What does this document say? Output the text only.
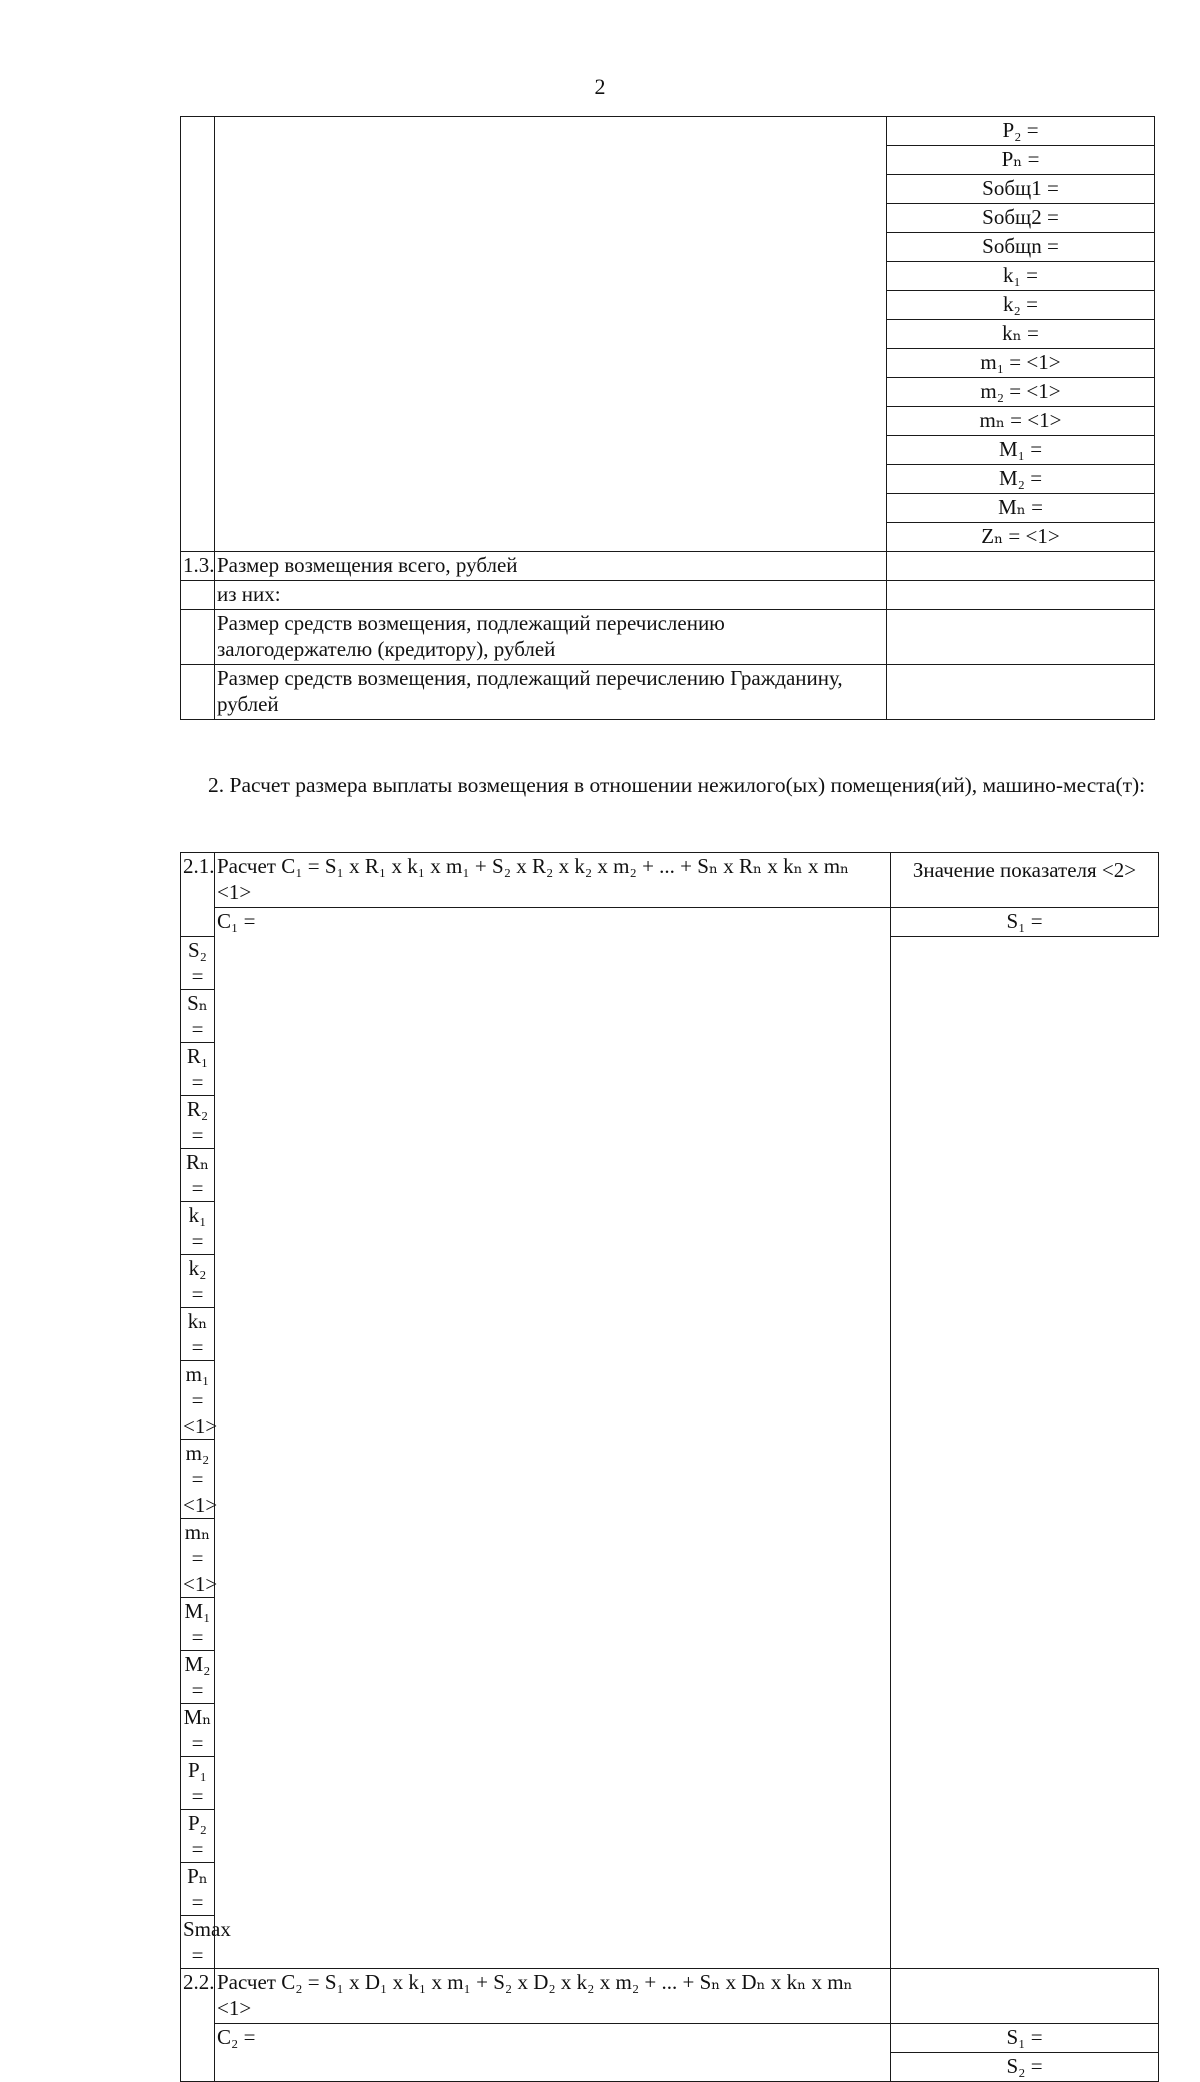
2
		P₂ =
		Pₙ =
		Sобщ1 =
		Sобщ2 =
		Sобщn =
		k₁ =
		k₂ =
		kₙ =
		m₁ = <1>
		m₂ = <1>
		mₙ = <1>
		M₁ =
		M₂ =
		Mₙ =
		Zₙ = <1>
1.3.	Размер возмещения всего, рублей	
	из них:	
	Размер средств возмещения, подлежащий перечислению залогодержателю (кредитору), рублей	
	Размер средств возмещения, подлежащий перечислению Гражданину, рублей	
2. Расчет размера выплаты возмещения в отношении нежилого(ых) помещения(ий), машино-места(т):
2.1.	Расчет C₁ = S₁ x R₁ x k₁ x m₁ + S₂ x R₂ x k₂ x m₂ + ... + Sₙ x Rₙ x kₙ x mₙ <1>	Значение показателя <2>
	C₁ =	S₁ =
S₂ =		
Sₙ =		
R₁ =		
R₂ =		
Rₙ =		
k₁ =		
k₂ =		
kₙ =		
m₁ = <1>		
m₂ = <1>		
mₙ = <1>		
M₁ =		
M₂ =		
Mₙ =		
P₁ =		
P₂ =		
Pₙ =		
Smax =		
2.2.	Расчет C₂ = S₁ x D₁ x k₁ x m₁ + S₂ x D₂ x k₂ x m₂ + ... + Sₙ x Dₙ x kₙ x mₙ <1>	
	C₂ =	S₁ =
		S₂ =
